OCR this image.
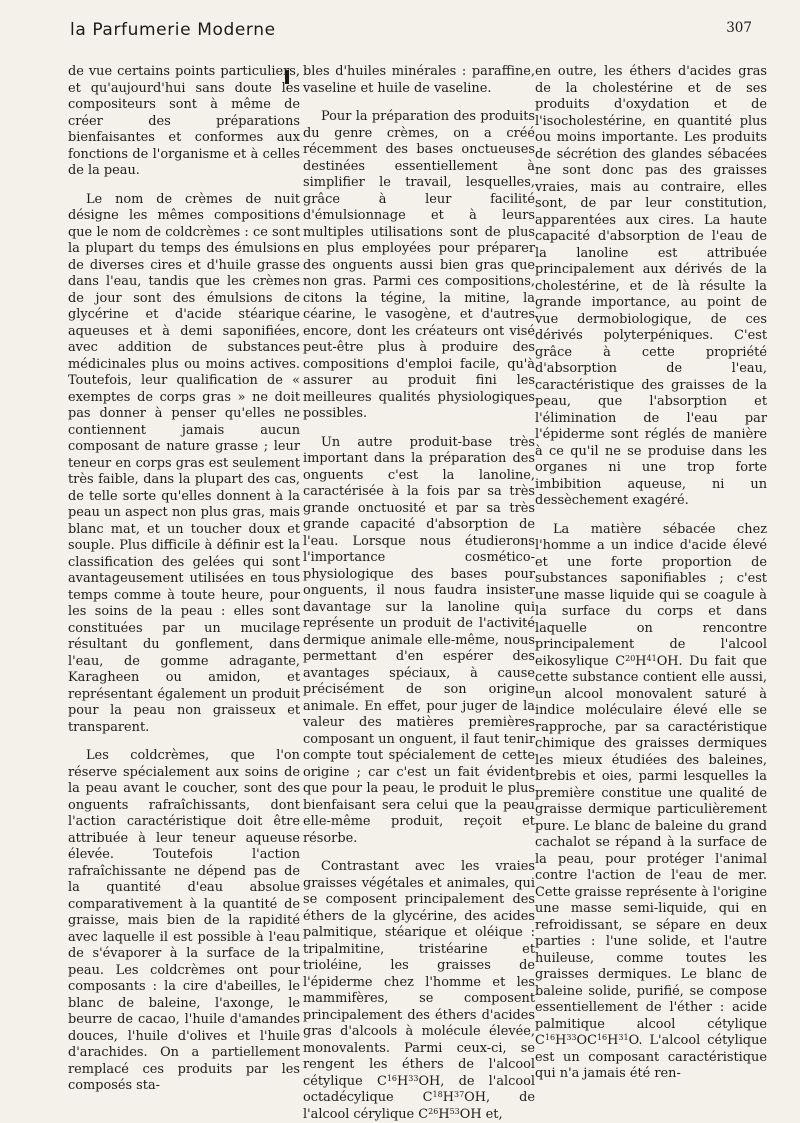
la Parfumerie Moderne	307

de vue certains points particuliers, et qu'aujourd'hui sans doute les compositeurs sont à même de créer des préparations bienfaisantes et conformes aux fonctions de l'organisme et à celles de la peau.

Le nom de crèmes de nuit désigne les mêmes compositions que le nom de coldcrèmes : ce sont la plupart du temps des émulsions de diverses cires et d'huile grasse dans l'eau, tandis que les crèmes de jour sont des émulsions de glycérine et d'acide stéarique aqueuses et à demi saponifiées, avec addition de substances médicinales plus ou moins actives. Toutefois, leur qualification de « exemptes de corps gras » ne doit pas donner à penser qu'elles ne contiennent jamais aucun composant de nature grasse ; leur teneur en corps gras est seulement très faible, dans la plupart des cas, de telle sorte qu'elles donnent à la peau un aspect non plus gras, mais blanc mat, et un toucher doux et souple. Plus difficile à définir est la classification des gelées qui sont avantageusement utilisées en tous temps comme à toute heure, pour les soins de la peau : elles sont constituées par un mucilage résultant du gonflement, dans l'eau, de gomme adragante, Karagheen ou amidon, et représentant également un produit pour la peau non graisseux et transparent.

Les coldcrèmes, que l'on réserve spécialement aux soins de la peau avant le coucher, sont des onguents rafraîchissants, dont l'action caractéristique doit être attribuée à leur teneur aqueuse élevée. Toutefois l'action rafraîchissante ne dépend pas de la quantité d'eau absolue comparativement à la quantité de graisse, mais bien de la rapidité avec laquelle il est possible à l'eau de s'évaporer à la surface de la peau. Les coldcrèmes ont pour composants : la cire d'abeilles, le blanc de baleine, l'axonge, le beurre de cacao, l'huile d'amandes douces, l'huile d'olives et l'huile d'arachides. On a partiellement remplacé ces produits par les composés sta-

bles d'huiles minérales : paraffine, vaseline et huile de vaseline.

Pour la préparation des produits du genre crèmes, on a créé récemment des bases onctueuses destinées essentiellement à simplifier le travail, lesquelles, grâce à leur facilité d'émulsionnage et à leurs multiples utilisations sont de plus en plus employées pour préparer des onguents aussi bien gras que non gras. Parmi ces compositions, citons la tégine, la mitine, la céarine, le vasogène, et d'autres encore, dont les créateurs ont visé peut-être plus à produire des compositions d'emploi facile, qu'à assurer au produit fini les meilleures qualités physiologiques possibles.

Un autre produit-base très important dans la préparation des onguents c'est la lanoline, caractérisée à la fois par sa très grande onctuosité et par sa très grande capacité d'absorption de l'eau. Lorsque nous étudierons l'importance cosmético-physiologique des bases pour onguents, il nous faudra insister davantage sur la lanoline qui représente un produit de l'activité dermique animale elle-même, nous permettant d'en espérer des avantages spéciaux, à cause précisément de son origine animale. En effet, pour juger de la valeur des matières premières composant un onguent, il faut tenir compte tout spécialement de cette origine ; car c'est un fait évident que pour la peau, le produit le plus bienfaisant sera celui que la peau elle-même produit, reçoit et résorbe.

Contrastant avec les vraies graisses végétales et animales, qui se composent principalement des éthers de la glycérine, des acides palmitique, stéarique et oléique : tripalmitine, tristéarine et trioléine, les graisses de l'épiderme chez l'homme et les mammifères, se composent principalement des éthers d'acides gras d'alcools à molécule élevée, monovalents. Parmi ceux-ci, se rengent les éthers de l'alcool cétylique $C^{16}H^{33}OH$, de l'alcool octadécylique $C^{18}H^{37}OH$, de l'alcool cérylique $C^{26}H^{53}OH$ et,

en outre, les éthers d'acides gras de la cholestérine et de ses produits d'oxydation et de l'isocholestérine, en quantité plus ou moins importante. Les produits de sécrétion des glandes sébacées ne sont donc pas des graisses vraies, mais au contraire, elles sont, de par leur constitution, apparentées aux cires. La haute capacité d'absorption de l'eau de la lanoline est attribuée principalement aux dérivés de la cholestérine, et de là résulte la grande importance, au point de vue dermobiologique, de ces dérivés polyterpéniques. C'est grâce à cette propriété d'absorption de l'eau, caractéristique des graisses de la peau, que l'absorption et l'élimination de l'eau par l'épiderme sont réglés de manière à ce qu'il ne se produise dans les organes ni une trop forte imbibition aqueuse, ni un dessèchement exagéré.

La matière sébacée chez l'homme a un indice d'acide élevé et une forte proportion de substances saponifiables ; c'est une masse liquide qui se coagule à la surface du corps et dans laquelle on rencontre principalement de l'alcool eikosylique $C^{20}H^{41}OH$. Du fait que cette substance contient elle aussi, un alcool monovalent saturé à indice moléculaire élevé elle se rapproche, par sa caractéristique chimique des graisses dermiques les mieux étudiées des baleines, brebis et oies, parmi lesquelles la première constitue une qualité de graisse dermique particulièrement pure. Le blanc de baleine du grand cachalot se répand à la surface de la peau, pour protéger l'animal contre l'action de l'eau de mer. Cette graisse représente à l'origine une masse semi-liquide, qui en refroidissant, se sépare en deux parties : l'une solide, et l'autre huileuse, comme toutes les graisses dermiques. Le blanc de baleine solide, purifié, se compose essentiellement de l'éther : acide palmitique alcool cétylique $C^{16}H^{33}OC^{16}H^{31}O$. L'alcool cétylique est un composant caractéristique qui n'a jamais été ren-
